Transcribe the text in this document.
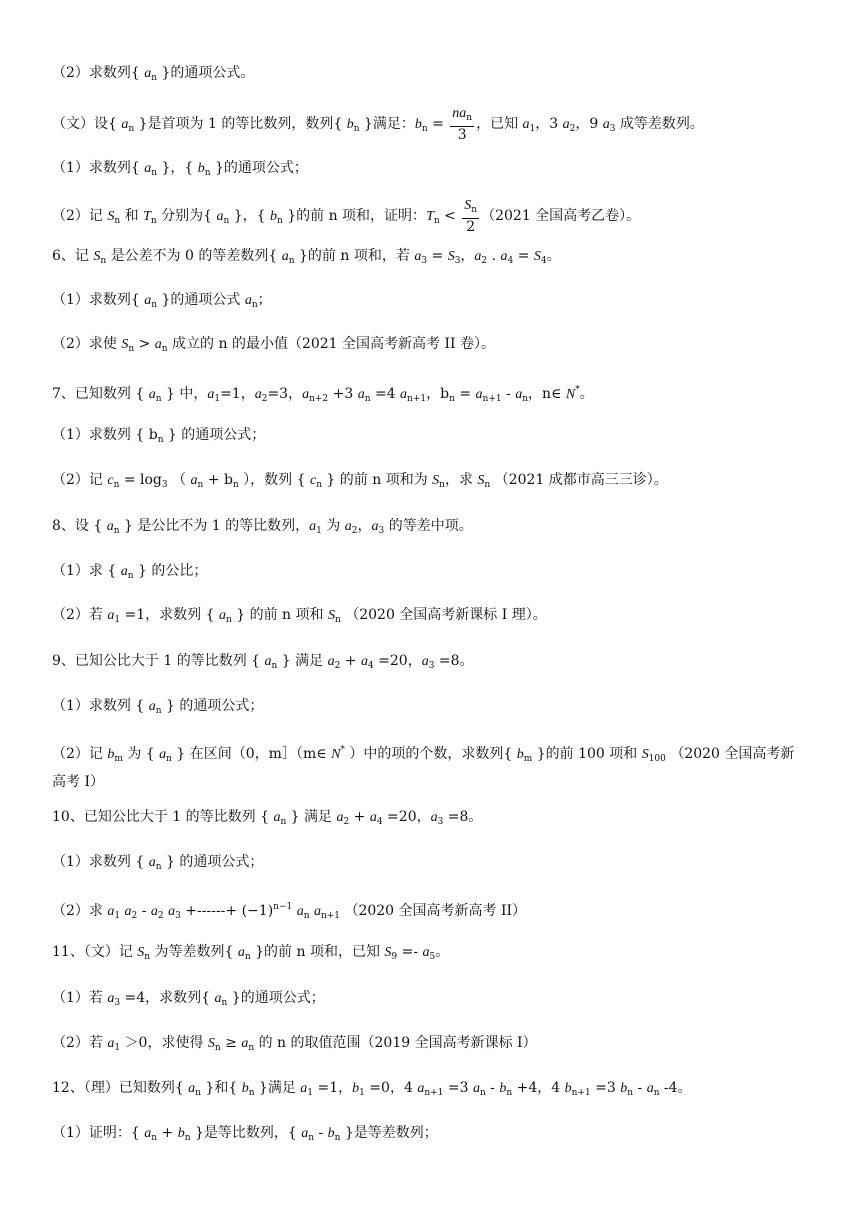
（2）求数列{ $a_n$ }的通项公式。
（文）设{ $a_n$ }是首项为 1 的等比数列，数列{ $b_n$ }满足：$b_n = \frac{na_n}{3}$ ，已知 $a_1$，3 $a_2$，9 $a_3$ 成等差数列。
（1）求数列{ $a_n$ }，{ $b_n$ }的通项公式；
（2）记 $S_n$ 和 $T_n$ 分别为{ $a_n$ }，{ $b_n$ }的前 n 项和，证明：$T_n < \frac{S_n}{2} (2021$ 全国高考乙卷）。
6、记 $S_n$ 是公差不为 0 的等差数列{ $a_n$ }的前 n 项和，若 $a_3 = S_3$，$a_2$ . $a_4 = S_4$。
（1）求数列{ $a_n$ }的通项公式 $a_n$；
（2）求使 $S_n > a_n$ 成立的 n 的最小值（2021 全国高考新高考 II 卷）。
7、已知数列 { $a_n$ } 中，$a_1=1$，$a_2=3$，$a_{n+2} +3$ $a_n =4$ $a_{n+1}$，$b_n = a_{n+1} - a_n$，n∈ N*。
（1）求数列 { $b_n$ } 的通项公式；
（2）记 $c_n = \log_3$ （ $a_n + b_n$ ），数列 { $c_n$ } 的前 n 项和为 $S_n$，求 $S_n$ （2021 成都市高三三诊）。
8、设 { $a_n$ } 是公比不为 1 的等比数列，$a_1$ 为 $a_2$，$a_3$ 的等差中项。
（1）求 { $a_n$ } 的公比；
（2）若 $a_1 =1$，求数列 { $a_n$ } 的前 n 项和 $S_n$ （2020 全国高考新课标 I 理）。
9、已知公比大于 1 的等比数列 { $a_n$ } 满足 $a_2 + a_4 =20$，$a_3 =8$。
（1）求数列 { $a_n$ } 的通项公式；
（2）记 $b_m$ 为 { $a_n$ } 在区间（0，m］（m∈ N* ）中的项的个数，求数列{ $b_m$ }的前 100 项和 $S_{100}$ （2020 全国高考新
高考 I）
10、已知公比大于 1 的等比数列 { $a_n$ } 满足 $a_2 + a_4 =20$，$a_3 =8$。
（1）求数列 { $a_n$ } 的通项公式；
（2）求 $a_1$ $a_2 - a_2$ $a_3$ +------+ $(-1)^{n-1}$ $a_n$ $a_{n+1}$ （2020 全国高考新高考 II）
11、（文）记 $S_n$ 为等差数列{ $a_n$ }的前 n 项和，已知 $S_9 =- a_5$。
（1）若 $a_3 =4$，求数列{ $a_n$ }的通项公式；
（2）若 $a_1 >0$，求使得 $S_n \ge a_n$ 的 n 的取值范围（2019 全国高考新课标 I）
12、（理）已知数列{ $a_n$ }和{ $b_n$ }满足 $a_1 =1$，$b_1 =0$，4 $a_{n+1} =3$ $a_n - b_n +4$，4 $b_{n+1} =3$ $b_n - a_n$ -4。
（1）证明：{ $a_n + b_n$ }是等比数列，{ $a_n - b_n$ }是等差数列；
